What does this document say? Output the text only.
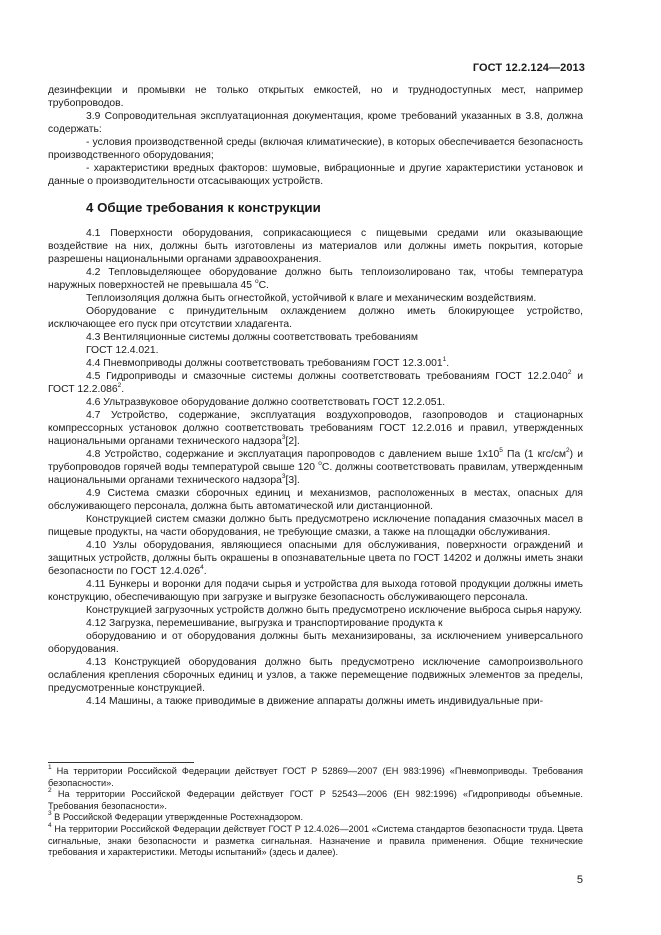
ГОСТ 12.2.124—2013

дезинфекции и промывки не только открытых емкостей, но и труднодоступных мест, например трубопроводов.

3.9 Сопроводительная эксплуатационная документация, кроме требований указанных в 3.8, должна содержать:

- условия производственной среды (включая климатические), в которых обеспечивается безопасность производственного оборудования;

- характеристики вредных факторов: шумовые, вибрационные и другие характеристики установок и данные о производительности отсасывающих устройств.

4 Общие требования к конструкции

4.1 Поверхности оборудования, соприкасающиеся с пищевыми средами или оказывающие воздействие на них, должны быть изготовлены из материалов или должны иметь покрытия, которые разрешены национальными органами здравоохранения.

4.2 Тепловыделяющее оборудование должно быть теплоизолировано так, чтобы температура наружных поверхностей не превышала 45 $^о$С.

Теплоизоляция должна быть огнестойкой, устойчивой к влаге и механическим воздействиям.

Оборудование с принудительным охлаждением должно иметь блокирующее устройство, исключающее его пуск при отсутствии хладагента.

4.3 Вентиляционные системы должны соответствовать требованиям

ГОСТ 12.4.021.

4.4 Пневмоприводы должны соответствовать требованиям ГОСТ 12.3.001$^1$.

4.5 Гидроприводы и смазочные системы должны соответствовать требованиям ГОСТ 12.2.040$^2$ и ГОСТ 12.2.086$^2$.

4.6 Ультразвуковое оборудование должно соответствовать ГОСТ 12.2.051.

4.7 Устройство, содержание, эксплуатация воздухопроводов, газопроводов и стационарных компрессорных установок должно соответствовать требованиям ГОСТ 12.2.016 и правил, утвержденных национальными органами технического надзора$^3$[2].

4.8 Устройство, содержание и эксплуатация паропроводов с давлением выше $1х10^5$ Па (1 кгс/$см^2$) и трубопроводов горячей воды температурой свыше 120 $^о$С. должны соответствовать правилам, утвержденным национальными органами технического надзора$^3$[3].

4.9 Система смазки сборочных единиц и механизмов, расположенных в местах, опасных для обслуживающего персонала, должна быть автоматической или дистанционной.

Конструкцией систем смазки должно быть предусмотрено исключение попадания смазочных масел в пищевые продукты, на части оборудования, не требующие смазки, а также на площадки обслуживания.

4.10 Узлы оборудования, являющиеся опасными для обслуживания, поверхности ограждений и защитных устройств, должны быть окрашены в опознавательные цвета по ГОСТ 14202 и должны иметь знаки безопасности по ГОСТ 12.4.026$^4$.

4.11 Бункеры и воронки для подачи сырья и устройства для выхода готовой продукции должны иметь конструкцию, обеспечивающую при загрузке и выгрузке безопасность обслуживающего персонала.

Конструкцией загрузочных устройств должно быть предусмотрено исключение выброса сырья наружу.

4.12 Загрузка, перемешивание, выгрузка и транспортирование продукта к

оборудованию и от оборудования должны быть механизированы, за исключением универсального оборудования.

4.13 Конструкцией оборудования должно быть предусмотрено исключение самопроизвольного ослабления крепления сборочных единиц и узлов, а также перемещение подвижных элементов за пределы, предусмотренные конструкцией.

4.14 Машины, а также приводимые в движение аппараты должны иметь индивидуальные при-

$^1$ На территории Российской Федерации действует ГОСТ Р 52869—2007 (ЕН 983:1996) «Пневмоприводы. Требования безопасности».

$^2$ На территории Российской Федерации действует ГОСТ Р 52543—2006 (ЕН 982:1996) «Гидроприводы объемные. Требования безопасности».

$^3$ В Российской Федерации утвержденные Ростехнадзором.

$^4$ На территории Российской Федерации действует ГОСТ Р 12.4.026—2001 «Система стандартов безопасности труда. Цвета сигнальные, знаки безопасности и разметка сигнальная. Назначение и правила применения. Общие технические требования и характеристики. Методы испытаний» (здесь и далее).

5
